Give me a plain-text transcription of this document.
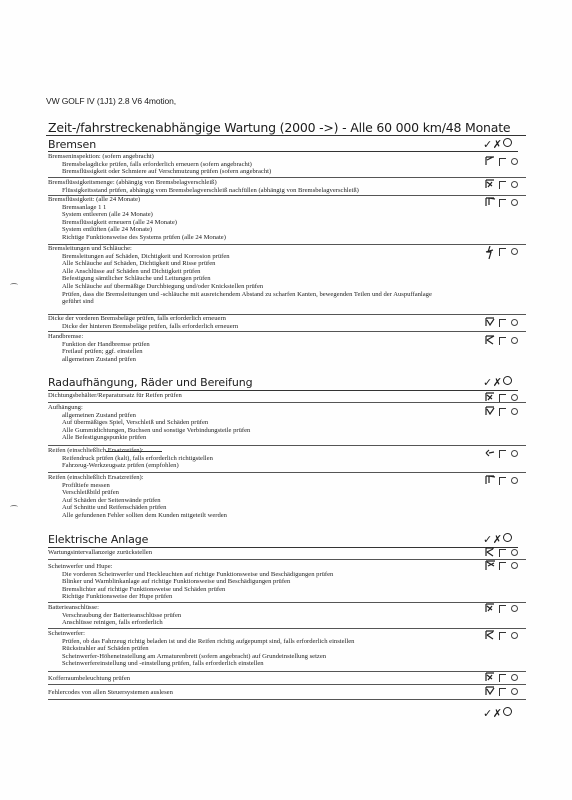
VW GOLF IV (1J1) 2.8 V6 4motion,
Zeit-/fahrstreckenabhängige Wartung (2000 ->) - Alle 60 000 km/48 Monate
Bremsen	✓✗
Bremseninspektion: (sofern angebracht)
Bremsbelagdicke prüfen, falls erforderlich erneuern (sofern angebracht)
Bremsflüssigkeit oder Schmiere auf Verschmutzung prüfen (sofern angebracht)
Bremsflüssigkeitsmenge: (abhängig von Bremsbelagverschleiß)
Flüssigkeitsstand prüfen, abhängig vom Bremsbelagverschleiß nachfüllen (abhängig von Bremsbelagverschleiß)
Bremsflüssigkeit: (alle 24 Monate)
Bremsanlage 1 1
System entleeren (alle 24 Monate)
Bremsflüssigkeit erneuern (alle 24 Monate)
System entlüften (alle 24 Monate)
Richtige Funktionsweise des Systems prüfen (alle 24 Monate)
Bremsleitungen und Schläuche:
Bremsleitungen auf Schäden, Dichtigkeit und Korrosion prüfen
Alle Schläuche auf Schäden, Dichtigkeit und Risse prüfen
Alle Anschlüsse auf Schäden und Dichtigkeit prüfen
Befestigung sämtlicher Schläuche und Leitungen prüfen
Alle Schläuche auf übermäßige Durchbiegung und/oder Knickstellen prüfen
Prüfen, dass die Bremsleitungen und -schläuche mit ausreichendem Abstand zu scharfen Kanten, bewegenden Teilen und der Auspuffanlage
geführt sind
Dicke der vorderen Bremsbeläge prüfen, falls erforderlich erneuern
Dicke der hinteren Bremsbeläge prüfen, falls erforderlich erneuern
Handbremse:
Funktion der Handbremse prüfen
Freilauf prüfen; ggf. einstellen
allgemeinen Zustand prüfen
Radaufhängung, Räder und Bereifung	✓✗
Dichtungsbehälter/Reparatursatz für Reifen prüfen
Aufhängung:
allgemeinen Zustand prüfen
Auf übermäßiges Spiel, Verschleiß und Schäden prüfen
Alle Gummidichtungen, Buchsen und sonstige Verbindungsteile prüfen
Alle Befestigungspunkte prüfen
Reifen (einschließlich Ersatzreifen):
Reifendruck prüfen (kalt), falls erforderlich richtigstellen
Fahrzeug-Werkzeugsatz prüfen (empfohlen)
Reifen (einschließlich Ersatzreifen):
Profiltiefe messen
Verschleißbild prüfen
Auf Schäden der Seitenwände prüfen
Auf Schnitte und Reifenschäden prüfen
Alle gefundenen Fehler sollten dem Kunden mitgeteilt werden
Elektrische Anlage	✓✗
Wartungsintervallanzeige zurückstellen
Scheinwerfer und Hupe:
Die vorderen Scheinwerfer und Heckleuchten auf richtige Funktionsweise und Beschädigungen prüfen
Blinker und Warnblinkanlage auf richtige Funktionsweise und Beschädigungen prüfen
Bremslichter auf richtige Funktionsweise und Schäden prüfen
Richtige Funktionsweise der Hupe prüfen
Batterieanschlüsse:
Verschraubung der Batterieanschlüsse prüfen
Anschlüsse reinigen, falls erforderlich
Scheinwerfer:
Prüfen, ob das Fahrzeug richtig beladen ist und die Reifen richtig aufgepumpt sind, falls erforderlich einstellen
Rückstrahler auf Schäden prüfen
Scheinwerfer-Höheneinstellung am Armaturenbrett (sofern angebracht) auf Grundeinstellung setzen
Scheinwerfereinstellung und -einstellung prüfen, falls erforderlich einstellen
Kofferraumbeleuchtung prüfen
Fehlercodes von allen Steuersystemen auslesen
✓✗
